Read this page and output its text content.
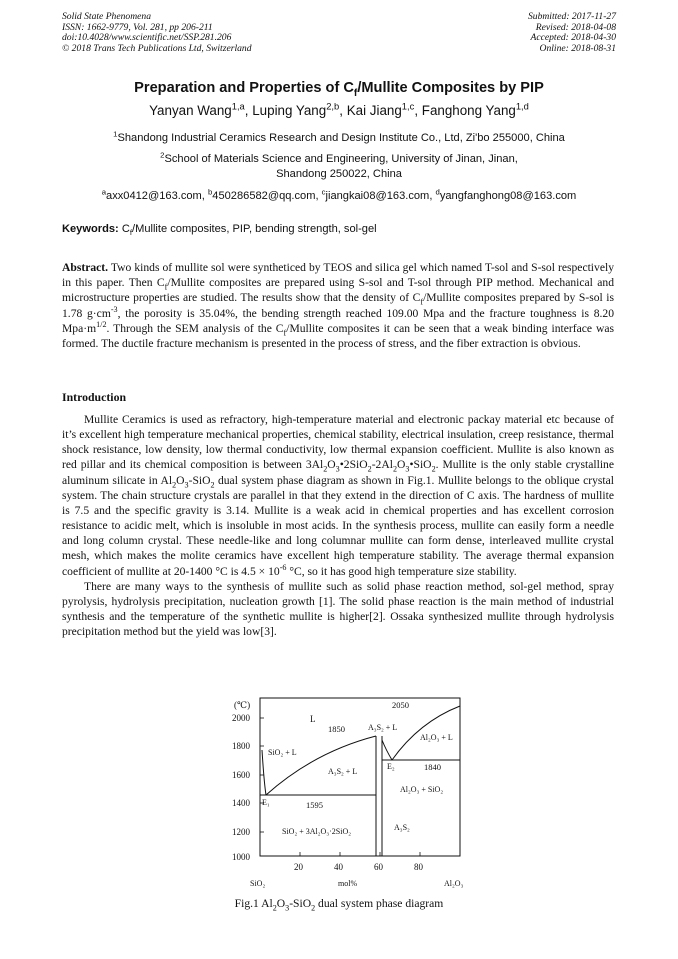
Solid State Phenomena
ISSN: 1662-9779, Vol. 281, pp 206-211
doi:10.4028/www.scientific.net/SSP.281.206
© 2018 Trans Tech Publications Ltd, Switzerland
Submitted: 2017-11-27
Revised: 2018-04-08
Accepted: 2018-04-30
Online: 2018-08-31
Preparation and Properties of $C_f$/Mullite Composites by PIP
Yanyan Wang$^{1,a}$, Luping Yang$^{2,b}$, Kai Jiang$^{1,c}$, Fanghong Yang$^{1,d}$
$^1$Shandong Industrial Ceramics Research and Design Institute Co., Ltd, Zi'bo 255000, China
$^2$School of Materials Science and Engineering, University of Jinan, Jinan,
Shandong 250022, China
$^a$axx0412@163.com, $^b$450286582@qq.com, $^c$jiangkai08@163.com, $^d$yangfanghong08@163.com
Keywords: $C_f$/Mullite composites, PIP, bending strength, sol-gel
Abstract. Two kinds of mullite sol were syntheticed by TEOS and silica gel which named T-sol and S-sol respectively in this paper. Then $C_f$/Mullite composites are prepared using S-sol and T-sol through PIP method. Mechanical and microstructure properties are studied. The results show that the density of $C_f$/Mullite composites prepared by S-sol is 1.78 $g\cdot cm^{-3}$, the porosity is 35.04%, the bending strength reached 109.00 Mpa and the fracture toughness is 8.20 $Mpa\cdot m^{1/2}$. Through the SEM analysis of the $C_f$/Mullite composites it can be seen that a weak binding interface was formed. The ductile fracture mechanism is presented in the process of stress, and the fiber extraction is obvious.
Introduction

Mullite Ceramics is used as refractory, high-temperature material and electronic packay material etc because of it’s excellent high temperature mechanical properties, chemical stability, electrical insulation, creep resistance, thermal shock resistance, low density, low thermal conductivity, low thermal expansion coefficient. Mullite is also known as red pillar and its chemical composition is between $3Al_2O_3•2SiO_2-2Al_2O_3•SiO_2$. Mullite is the only stable crystalline aluminum silicate in $Al_2O_3-SiO_2$ dual system phase diagram as shown in Fig.1. Mullite belongs to the oblique crystal system. The chain structure crystals are parallel in that they extend in the direction of C axis. The hardness of mullite is 7.5 and the specific gravity is 3.14. Mullite is a weak acid in chemical properties and has excellent corrosion resistance to acidic melt, which is insoluble in most acids. In the synthesis process, mullite can easily form a needle and long column crystal. These needle-like and long columnar mullite can form dense, interleaved mullite crystal mesh, which makes the molite ceramics have excellent high temperature stability. The average thermal expansion coefficient of mullite at 20-1400 °C is $4.5 \times 10^{-6}$ °C, so it has good high temperature size stability.

There are many ways to the synthesis of mullite such as solid phase reaction method, sol-gel method, spray pyrolysis, hydrolysis precipitation, nucleation growth [1]. The solid phase reaction is the main method of industrial synthesis and the temperature of the synthetic mullite is higher[2]. Ossaka synthesized mullite through hydrolysis precipitation method but the yield was low[3].

(℃)
2000
1800
1600
1400
1200
1000
20	40	60	80
SiO₂	mol%	Al₂O₃
L
1850
2050
A₃S₂ + L
Al₂O₃ + L
SiO₂ + L
A₃S₂ + L
E₂	1840
Al₂O₃ + SiO₂
E₁	1595
SiO₂ + 3Al₂O₃·2SiO₂	A₃S₂
Fig.1 $Al_2O_3-SiO_2$ dual system phase diagram
